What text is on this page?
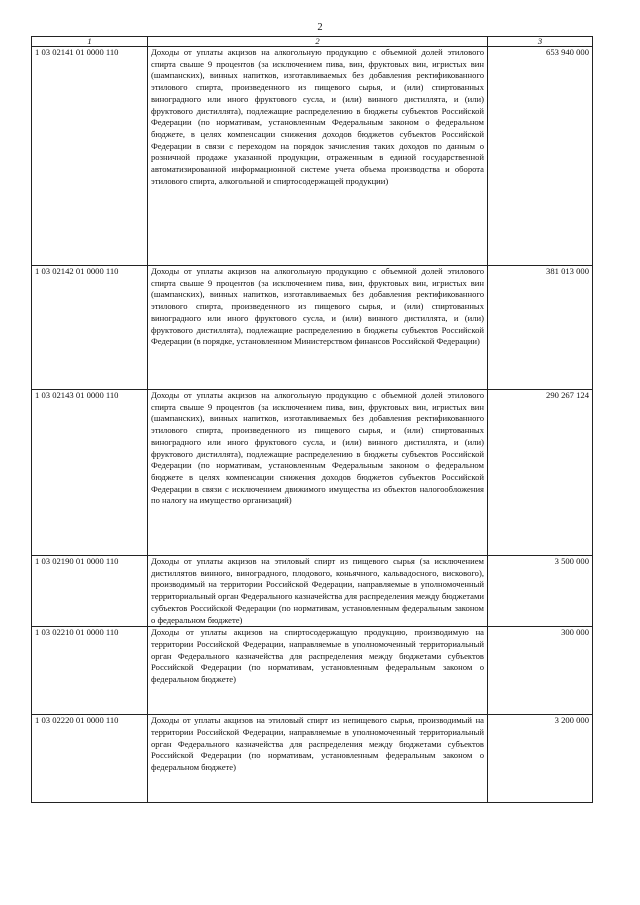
2
1	2	3
1 03 02141 01 0000 110	Доходы от уплаты акцизов на алкогольную продукцию с объемной долей этилового спирта свыше 9 процентов (за исключением пива, вин, фруктовых вин, игристых вин (шампанских), винных напитков, изготавливаемых без добавления ректификованного этилового спирта, произведенного из пищевого сырья, и (или) спиртованных виноградного или иного фруктового сусла, и (или) винного дистиллята, и (или) фруктового дистиллята), подлежащие распределению в бюджеты субъектов Российской Федерации (по нормативам, установленным Федеральным законом о федеральном бюджете, в целях компенсации снижения доходов бюджетов субъектов Российской Федерации в связи с переходом на порядок зачисления таких доходов по данным о розничной продаже указанной продукции, отраженным в единой государственной автоматизированной информационной системе учета объема производства и оборота этилового спирта, алкогольной и спиртосодержащей продукции)	653 940 000
1 03 02142 01 0000 110	Доходы от уплаты акцизов на алкогольную продукцию с объемной долей этилового спирта свыше 9 процентов (за исключением пива, вин, фруктовых вин, игристых вин (шампанских), винных напитков, изготавливаемых без добавления ректификованного этилового спирта, произведенного из пищевого сырья, и (или) спиртованных виноградного или иного фруктового сусла, и (или) винного дистиллята, и (или) фруктового дистиллята), подлежащие распределению в бюджеты субъектов Российской Федерации (в порядке, установленном Министерством финансов Российской Федерации)	381 013 000
1 03 02143 01 0000 110	Доходы от уплаты акцизов на алкогольную продукцию с объемной долей этилового спирта свыше 9 процентов (за исключением пива, вин, фруктовых вин, игристых вин (шампанских), винных напитков, изготавливаемых без добавления ректификованного этилового спирта, произведенного из пищевого сырья, и (или) спиртованных виноградного или иного фруктового сусла, и (или) винного дистиллята, и (или) фруктового дистиллята), подлежащие распределению в бюджеты субъектов Российской Федерации (по нормативам, установленным Федеральным законом о федеральном бюджете в целях компенсации снижения доходов бюджетов субъектов Российской Федерации в связи с исключением движимого имущества из объектов налогообложения по налогу на имущество организаций)	290 267 124
1 03 02190 01 0000 110	Доходы от уплаты акцизов на этиловый спирт из пищевого сырья (за исключением дистиллятов винного, виноградного, плодового, коньячного, кальвадосного, вискового), производимый на территории Российской Федерации, направляемые в уполномоченный территориальный орган Федерального казначейства для распределения между бюджетами субъектов Российской Федерации (по нормативам, установленным федеральным законом о федеральном бюджете)	3 500 000
1 03 02210 01 0000 110	Доходы от уплаты акцизов на спиртосодержащую продукцию, производимую на территории Российской Федерации, направляемые в уполномоченный территориальный орган Федерального казначейства для распределения между бюджетами субъектов Российской Федерации (по нормативам, установленным федеральным законом о федеральном бюджете)	300 000
1 03 02220 01 0000 110	Доходы от уплаты акцизов на этиловый спирт из непищевого сырья, производимый на территории Российской Федерации, направляемые в уполномоченный территориальный орган Федерального казначейства для распределения между бюджетами субъектов Российской Федерации (по нормативам, установленным федеральным законом о федеральном бюджете)	3 200 000
